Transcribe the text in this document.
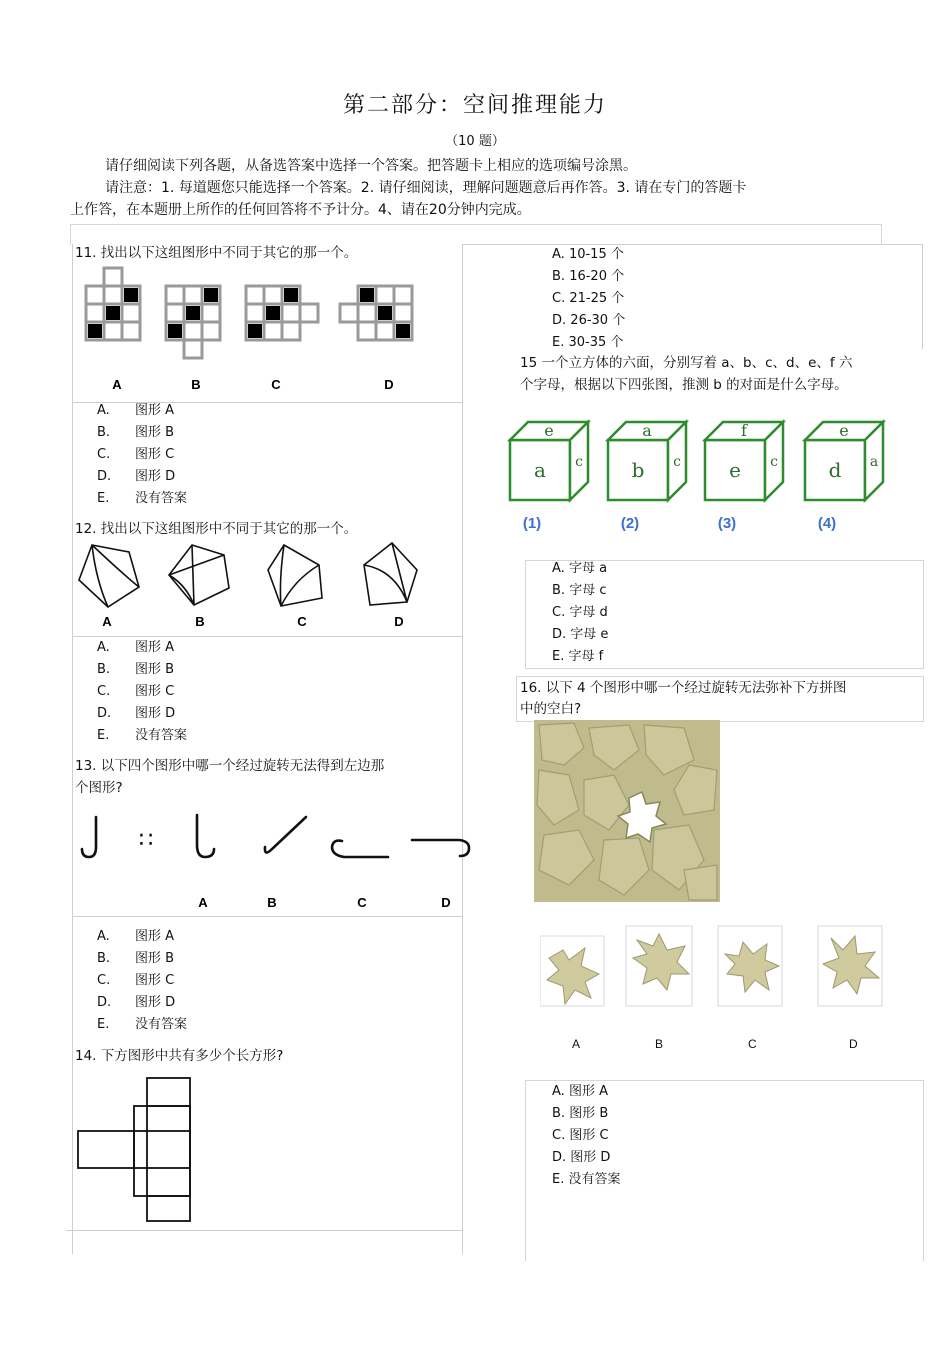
第二部分：空间推理能力
（10 题）
请仔细阅读下列各题，从备选答案中选择一个答案。把答题卡上相应的选项编号涂黑。
请注意：1. 每道题您只能选择一个答案。2. 请仔细阅读，理解问题题意后再作答。3. 请在专门的答题卡
上作答，在本题册上所作的任何回答将不予计分。4、请在20分钟内完成。
11. 找出以下这组图形中不同于其它的那一个。
A	B	C	D
A. 图形 A
B. 图形 B
C. 图形 C
D. 图形 D
E. 没有答案
12. 找出以下这组图形中不同于其它的那一个。
A	B	C	D
A. 图形 A
B. 图形 B
C. 图形 C
D. 图形 D
E. 没有答案
13. 以下四个图形中哪一个经过旋转无法得到左边那
个图形?
∷
A	B	C	D
A. 图形 A
B. 图形 B
C. 图形 C
D. 图形 D
E. 没有答案
14. 下方图形中共有多少个长方形?
A. 10-15 个
B. 16-20 个
C. 21-25 个
D. 26-30 个
E. 30-35 个
15 一个立方体的六面，分别写着 a、b、c、d、e、f 六
个字母，根据以下四张图，推测 b 的对面是什么字母。
e
a c
(1)
a
b c
(2)
f
e c
(3)
e
d a
(4)
A. 字母 a
B. 字母 c
C. 字母 d
D. 字母 e
E. 字母 f
16. 以下 4 个图形中哪一个经过旋转无法弥补下方拼图
中的空白?
A	B	C	D
A. 图形 A
B. 图形 B
C. 图形 C
D. 图形 D
E. 没有答案
